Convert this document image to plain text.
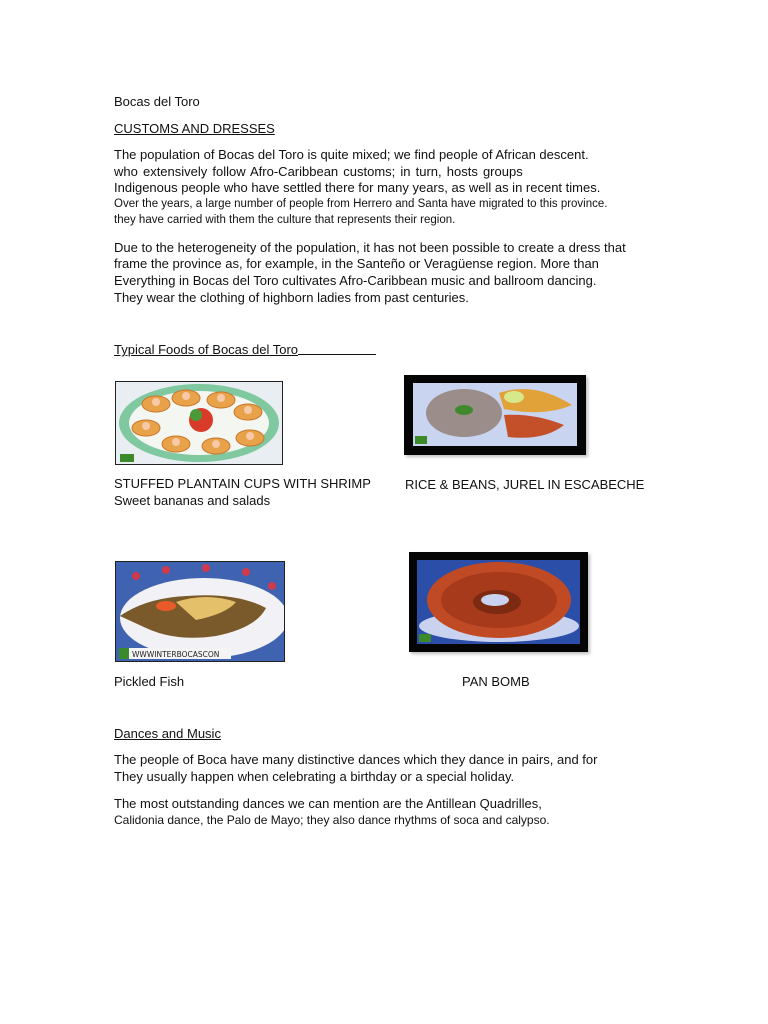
Bocas del Toro
CUSTOMS AND DRESSES
The population of Bocas del Toro is quite mixed; we find people of African descent.
who extensively follow Afro-Caribbean customs; in turn, hosts groups
Indigenous people who have settled there for many years, as well as in recent times.
Over the years, a large number of people from Herrero and Santa have migrated to this province.
they have carried with them the culture that represents their region.
Due to the heterogeneity of the population, it has not been possible to create a dress that
frame the province as, for example, in the Santeño or Veragüense region. More than
Everything in Bocas del Toro cultivates Afro-Caribbean music and ballroom dancing.
They wear the clothing of highborn ladies from past centuries.
Typical Foods of Bocas del Toro
STUFFED PLANTAIN CUPS WITH SHRIMP
Sweet bananas and salads
RICE & BEANS, JUREL IN ESCABECHE
WWWINTERBOCASCON
Pickled Fish	PAN BOMB
Dances and Music
The people of Boca have many distinctive dances which they dance in pairs, and for
They usually happen when celebrating a birthday or a special holiday.
The most outstanding dances we can mention are the Antillean Quadrilles,
Calidonia dance, the Palo de Mayo; they also dance rhythms of soca and calypso.
